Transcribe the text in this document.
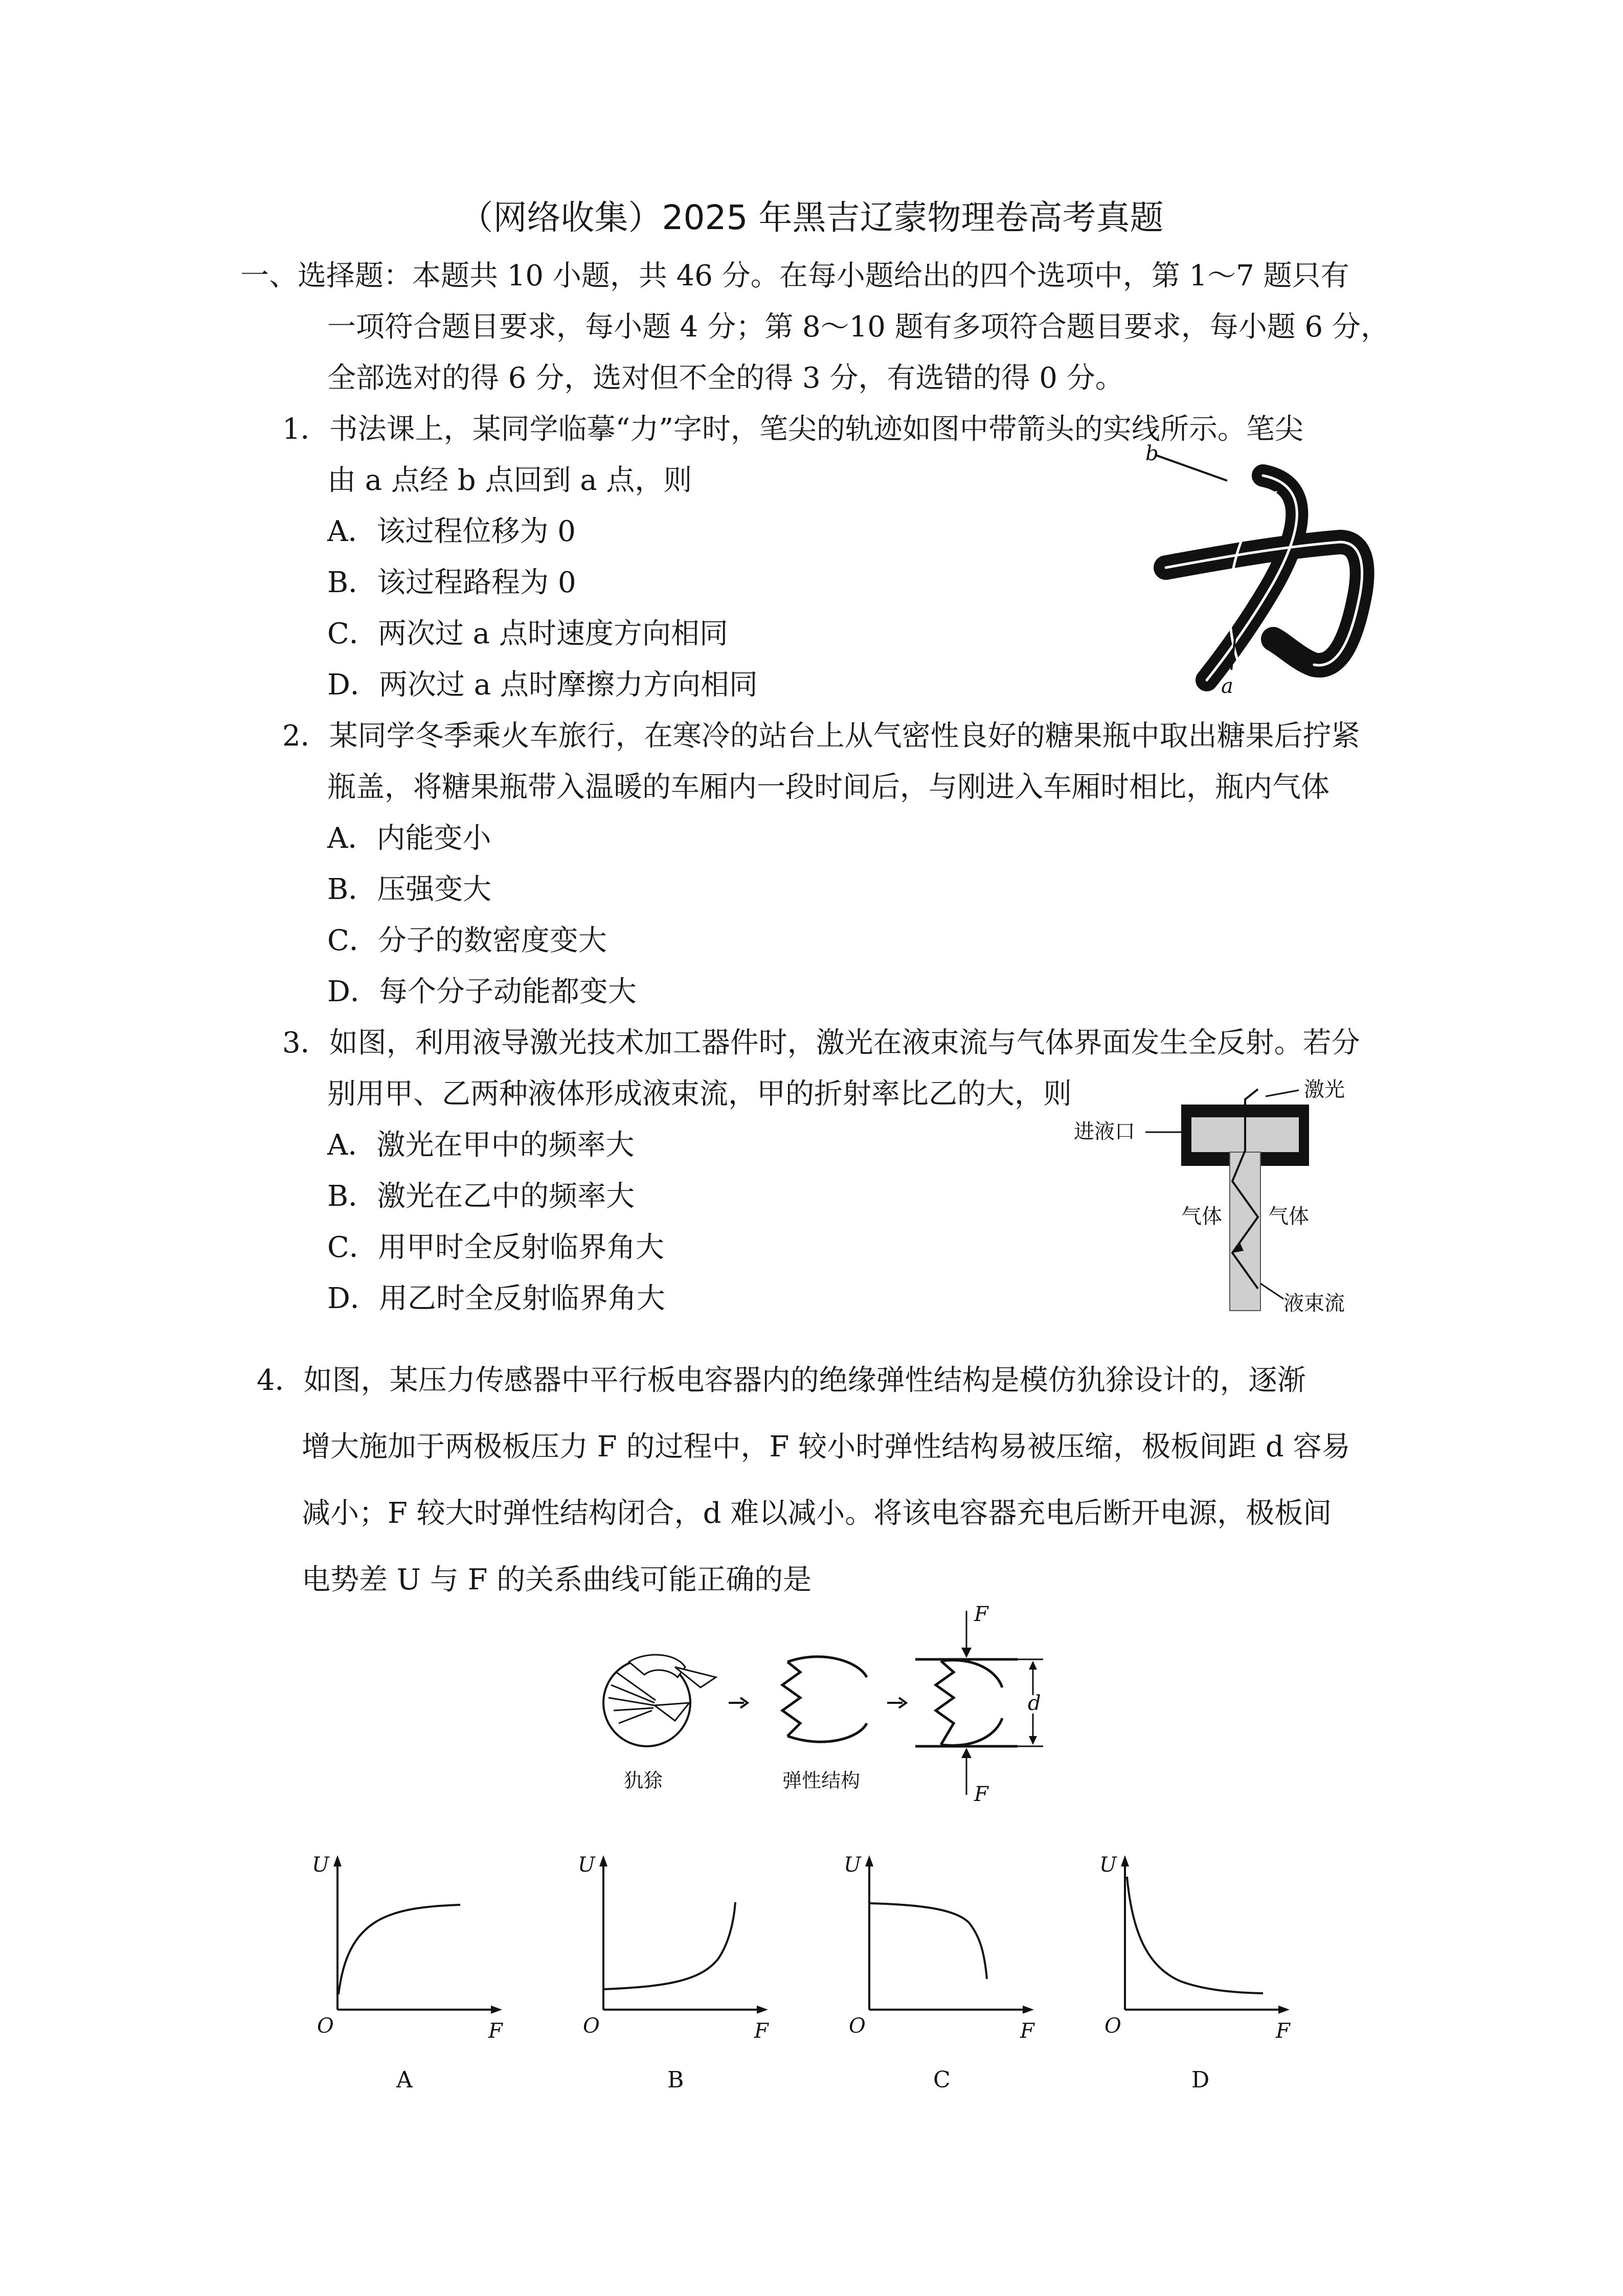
（网络收集）2025 年黑吉辽蒙物理卷高考真题
一、选择题：本题共 10 小题，共 46 分。在每小题给出的四个选项中，第 1～7 题只有
一项符合题目要求，每小题 4 分；第 8～10 题有多项符合题目要求，每小题 6 分，
全部选对的得 6 分，选对但不全的得 3 分，有选错的得 0 分。
1．书法课上，某同学临摹“力”字时，笔尖的轨迹如图中带箭头的实线所示。笔尖
由 a 点经 b 点回到 a 点，则
A．该过程位移为 0
B．该过程路程为 0
C．两次过 a 点时速度方向相同
D．两次过 a 点时摩擦力方向相同
b
a
2．某同学冬季乘火车旅行，在寒冷的站台上从气密性良好的糖果瓶中取出糖果后拧紧
瓶盖，将糖果瓶带入温暖的车厢内一段时间后，与刚进入车厢时相比，瓶内气体
A．内能变小
B．压强变大
C．分子的数密度变大
D．每个分子动能都变大
3．如图，利用液导激光技术加工器件时，激光在液束流与气体界面发生全反射。若分
别用甲、乙两种液体形成液束流，甲的折射率比乙的大，则
A．激光在甲中的频率大
B．激光在乙中的频率大
C．用甲时全反射临界角大
D．用乙时全反射临界角大
激光
进液口
气体 气体
液束流
4．如图，某压力传感器中平行板电容器内的绝缘弹性结构是模仿犰狳设计的，逐渐
增大施加于两极板压力 F 的过程中，F 较小时弹性结构易被压缩，极板间距 d 容易
减小；F 较大时弹性结构闭合，d 难以减小。将该电容器充电后断开电源，极板间
电势差 U 与 F 的关系曲线可能正确的是
犰狳	弹性结构
F
F
d
U
F
O
A
U
F
O
B
U
F
O
C
U
F
O
D
